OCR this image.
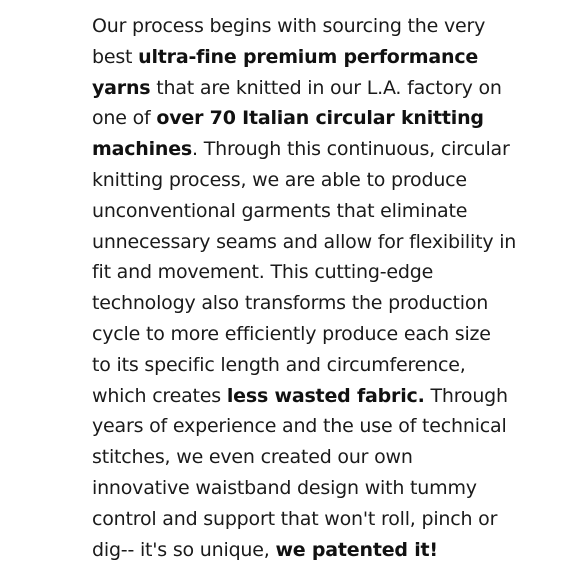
Our process begins with sourcing the very
best ultra-fine premium performance
yarns that are knitted in our L.A. factory on
one of over 70 Italian circular knitting
machines. Through this continuous, circular
knitting process, we are able to produce
unconventional garments that eliminate
unnecessary seams and allow for flexibility in
fit and movement. This cutting-edge
technology also transforms the production
cycle to more efficiently produce each size
to its specific length and circumference,
which creates less wasted fabric. Through
years of experience and the use of technical
stitches, we even created our own
innovative waistband design with tummy
control and support that won't roll, pinch or
dig-- it's so unique, we patented it!
